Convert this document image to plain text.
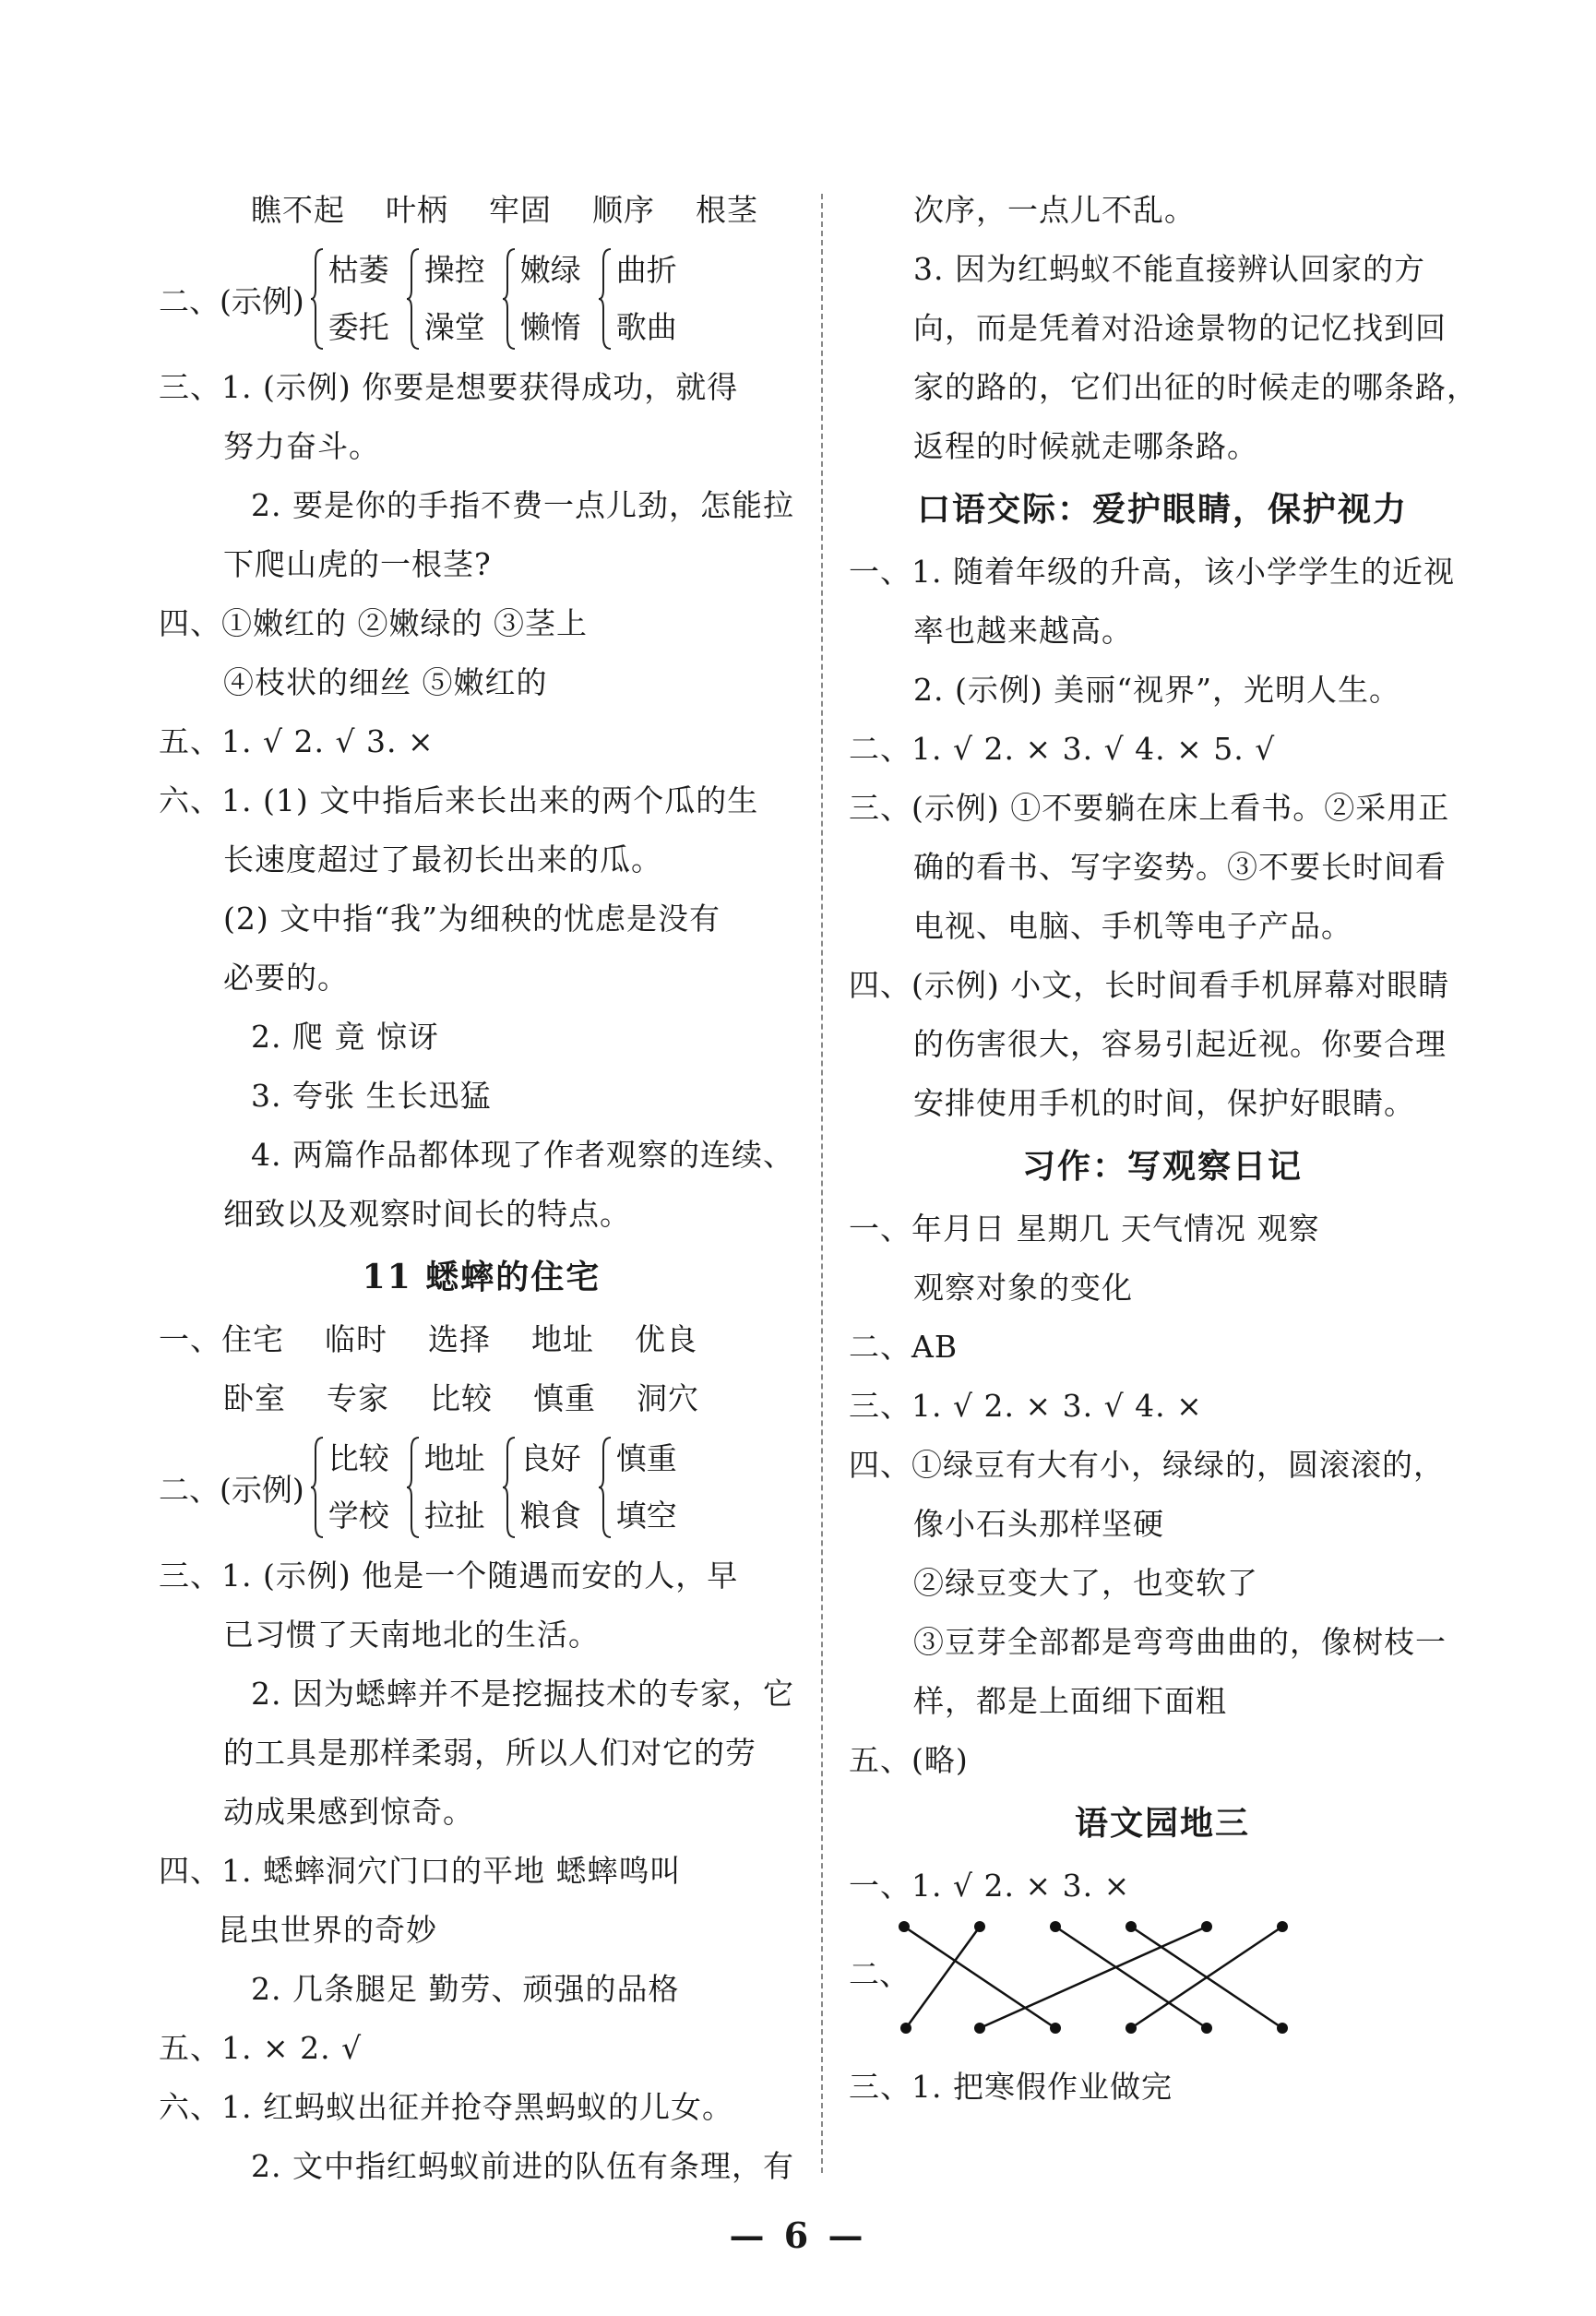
瞧不起 叶柄 牢固 顺序 根茎
二、(示例)
枯萎
委托
操控
澡堂
嫩绿
懒惰
曲折
歌曲
三、1. (示例) 你要是想要获得成功，就得
努力奋斗。
2. 要是你的手指不费一点儿劲，怎能拉
下爬山虎的一根茎?
四、①嫩红的 ②嫩绿的 ③茎上
④枝状的细丝 ⑤嫩红的
五、1. √ 2. √ 3. ×
六、1. (1) 文中指后来长出来的两个瓜的生
长速度超过了最初长出来的瓜。
(2) 文中指“我”为细秧的忧虑是没有
必要的。
2. 爬 竟 惊讶
3. 夸张 生长迅猛
4. 两篇作品都体现了作者观察的连续、
细致以及观察时间长的特点。
11 蟋蟀的住宅
一、住宅 临时 选择 地址 优良
卧室 专家 比较 慎重 洞穴
二、(示例)
比较
学校
地址
拉扯
良好
粮食
慎重
填空
三、1. (示例) 他是一个随遇而安的人，早
已习惯了天南地北的生活。
2. 因为蟋蟀并不是挖掘技术的专家，它
的工具是那样柔弱，所以人们对它的劳
动成果感到惊奇。
四、1. 蟋蟀洞穴门口的平地 蟋蟀鸣叫
昆虫世界的奇妙
2. 几条腿足 勤劳、顽强的品格
五、1. × 2. √
六、1. 红蚂蚁出征并抢夺黑蚂蚁的儿女。
2. 文中指红蚂蚁前进的队伍有条理，有
次序，一点儿不乱。
3. 因为红蚂蚁不能直接辨认回家的方
向，而是凭着对沿途景物的记忆找到回
家的路的，它们出征的时候走的哪条路，
返程的时候就走哪条路。
口语交际：爱护眼睛，保护视力
一、1. 随着年级的升高，该小学学生的近视
率也越来越高。
2. (示例) 美丽“视界”，光明人生。
二、1. √ 2. × 3. √ 4. × 5. √
三、(示例) ①不要躺在床上看书。②采用正
确的看书、写字姿势。③不要长时间看
电视、电脑、手机等电子产品。
四、(示例) 小文，长时间看手机屏幕对眼睛
的伤害很大，容易引起近视。你要合理
安排使用手机的时间，保护好眼睛。
习作：写观察日记
一、年月日 星期几 天气情况 观察
观察对象的变化
二、AB
三、1. √ 2. × 3. √ 4. ×
四、①绿豆有大有小，绿绿的，圆滚滚的，
像小石头那样坚硬
②绿豆变大了，也变软了
③豆芽全部都是弯弯曲曲的，像树枝一
样，都是上面细下面粗
五、(略)
语文园地三
一、1. √ 2. × 3. ×
二、
三、1. 把寒假作业做完
— 6 —
